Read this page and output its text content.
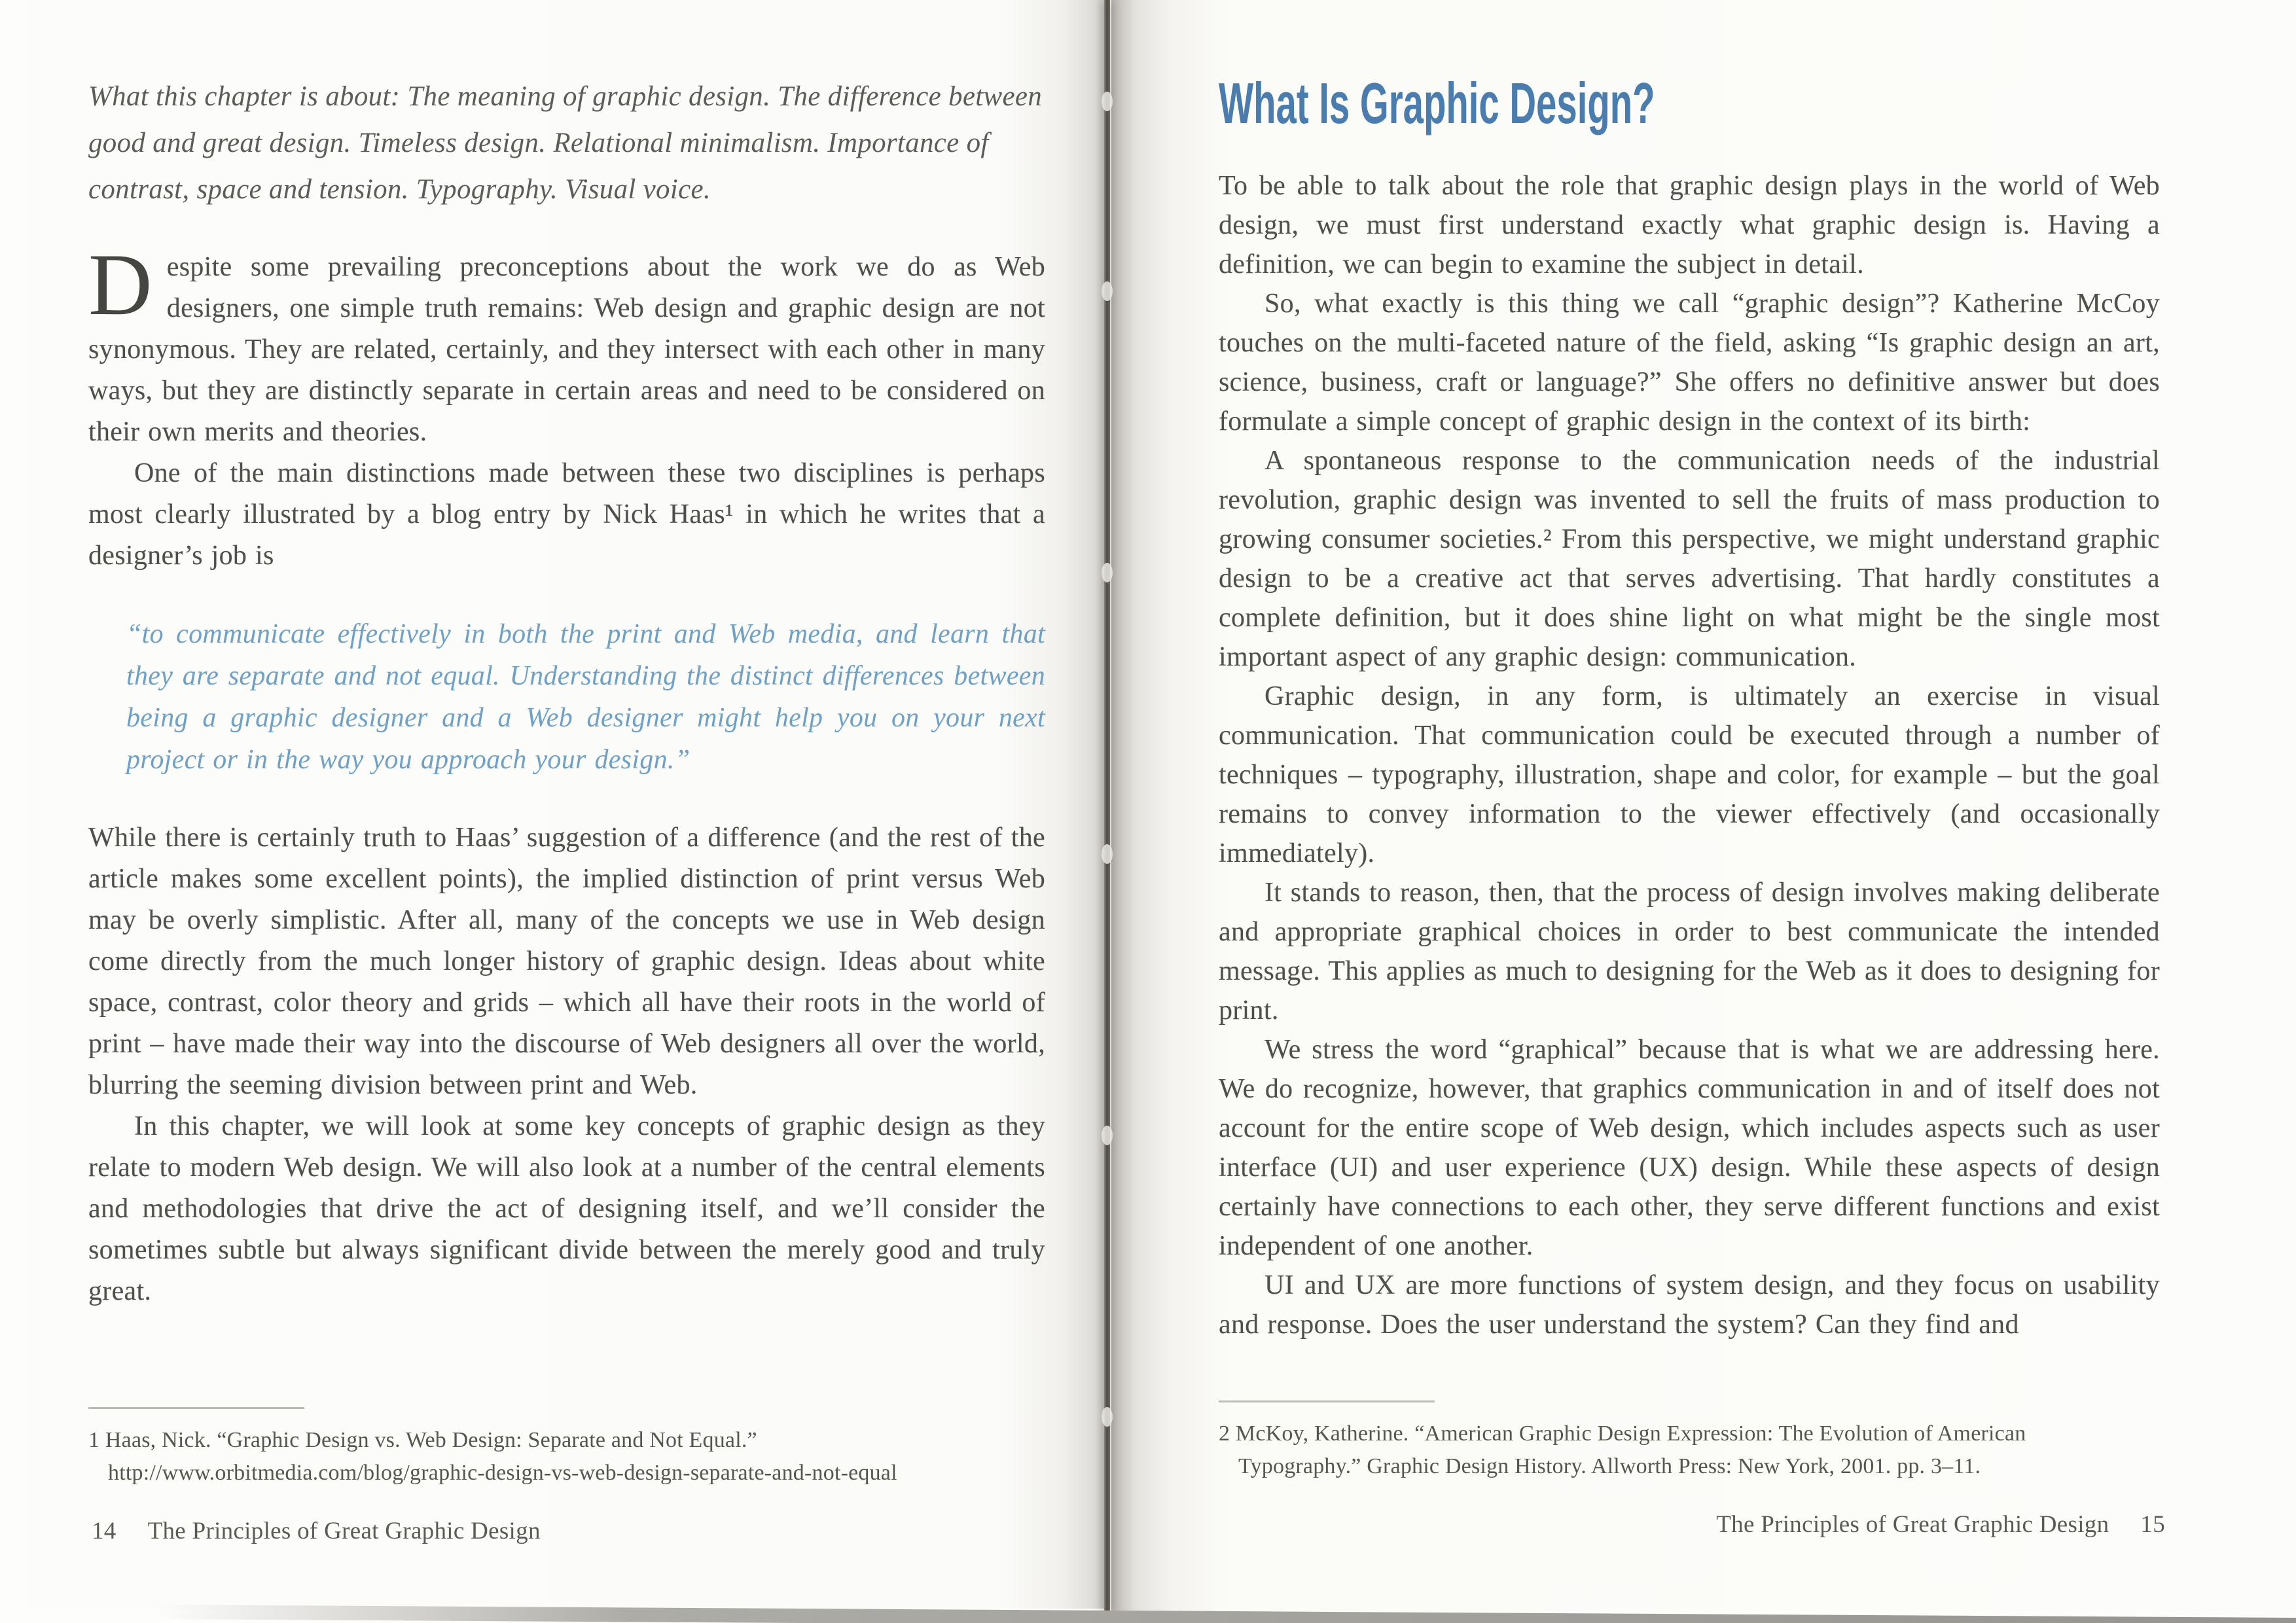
What this chapter is about: The meaning of graphic design. The difference between good and great design. Timeless design. Relational minimalism. Importance of contrast, space and tension. Typography. Visual voice.

Despite some prevailing preconceptions about the work we do as Web designers, one simple truth remains: Web design and graphic design are not synonymous. They are related, certainly, and they intersect with each other in many ways, but they are distinctly separate in certain areas and need to be considered on their own merits and theories.

One of the main distinctions made between these two disciplines is perhaps most clearly illustrated by a blog entry by Nick Haas¹ in which he writes that a designer’s job is

“to communicate effectively in both the print and Web media, and learn that they are separate and not equal. Understanding the distinct differences between being a graphic designer and a Web designer might help you on your next project or in the way you approach your design.”

While there is certainly truth to Haas’ suggestion of a difference (and the rest of the article makes some excellent points), the implied distinction of print versus Web may be overly simplistic. After all, many of the concepts we use in Web design come directly from the much longer history of graphic design. Ideas about white space, contrast, color theory and grids – which all have their roots in the world of print – have made their way into the discourse of Web designers all over the world, blurring the seeming division between print and Web.

In this chapter, we will look at some key concepts of graphic design as they relate to modern Web design. We will also look at a number of the central elements and methodologies that drive the act of designing itself, and we’ll consider the sometimes subtle but always significant divide between the merely good and truly great.

1 Haas, Nick. “Graphic Design vs. Web Design: Separate and Not Equal.”
http://www.orbitmedia.com/blog/graphic-design-vs-web-design-separate-and-not-equal
14 The Principles of Great Graphic Design
What Is Graphic Design?

To be able to talk about the role that graphic design plays in the world of Web design, we must first understand exactly what graphic design is. Having a definition, we can begin to examine the subject in detail.

So, what exactly is this thing we call “graphic design”? Katherine McCoy touches on the multi-faceted nature of the field, asking “Is graphic design an art, science, business, craft or language?” She offers no definitive answer but does formulate a simple concept of graphic design in the context of its birth:

A spontaneous response to the communication needs of the industrial revolution, graphic design was invented to sell the fruits of mass production to growing consumer societies.² From this perspective, we might understand graphic design to be a creative act that serves advertising. That hardly constitutes a complete definition, but it does shine light on what might be the single most important aspect of any graphic design: communication.

Graphic design, in any form, is ultimately an exercise in visual communication. That communication could be executed through a number of techniques – typography, illustration, shape and color, for example – but the goal remains to convey information to the viewer effectively (and occasionally immediately).

It stands to reason, then, that the process of design involves making deliberate and appropriate graphical choices in order to best communicate the intended message. This applies as much to designing for the Web as it does to designing for print.

We stress the word “graphical” because that is what we are addressing here. We do recognize, however, that graphics communication in and of itself does not account for the entire scope of Web design, which includes aspects such as user interface (UI) and user experience (UX) design. While these aspects of design certainly have connections to each other, they serve different functions and exist independent of one another.

UI and UX are more functions of system design, and they focus on usability and response. Does the user understand the system? Can they find and

2 McKoy, Katherine. “American Graphic Design Expression: The Evolution of American
Typography.” Graphic Design History. Allworth Press: New York, 2001. pp. 3–11.
The Principles of Great Graphic Design 15
